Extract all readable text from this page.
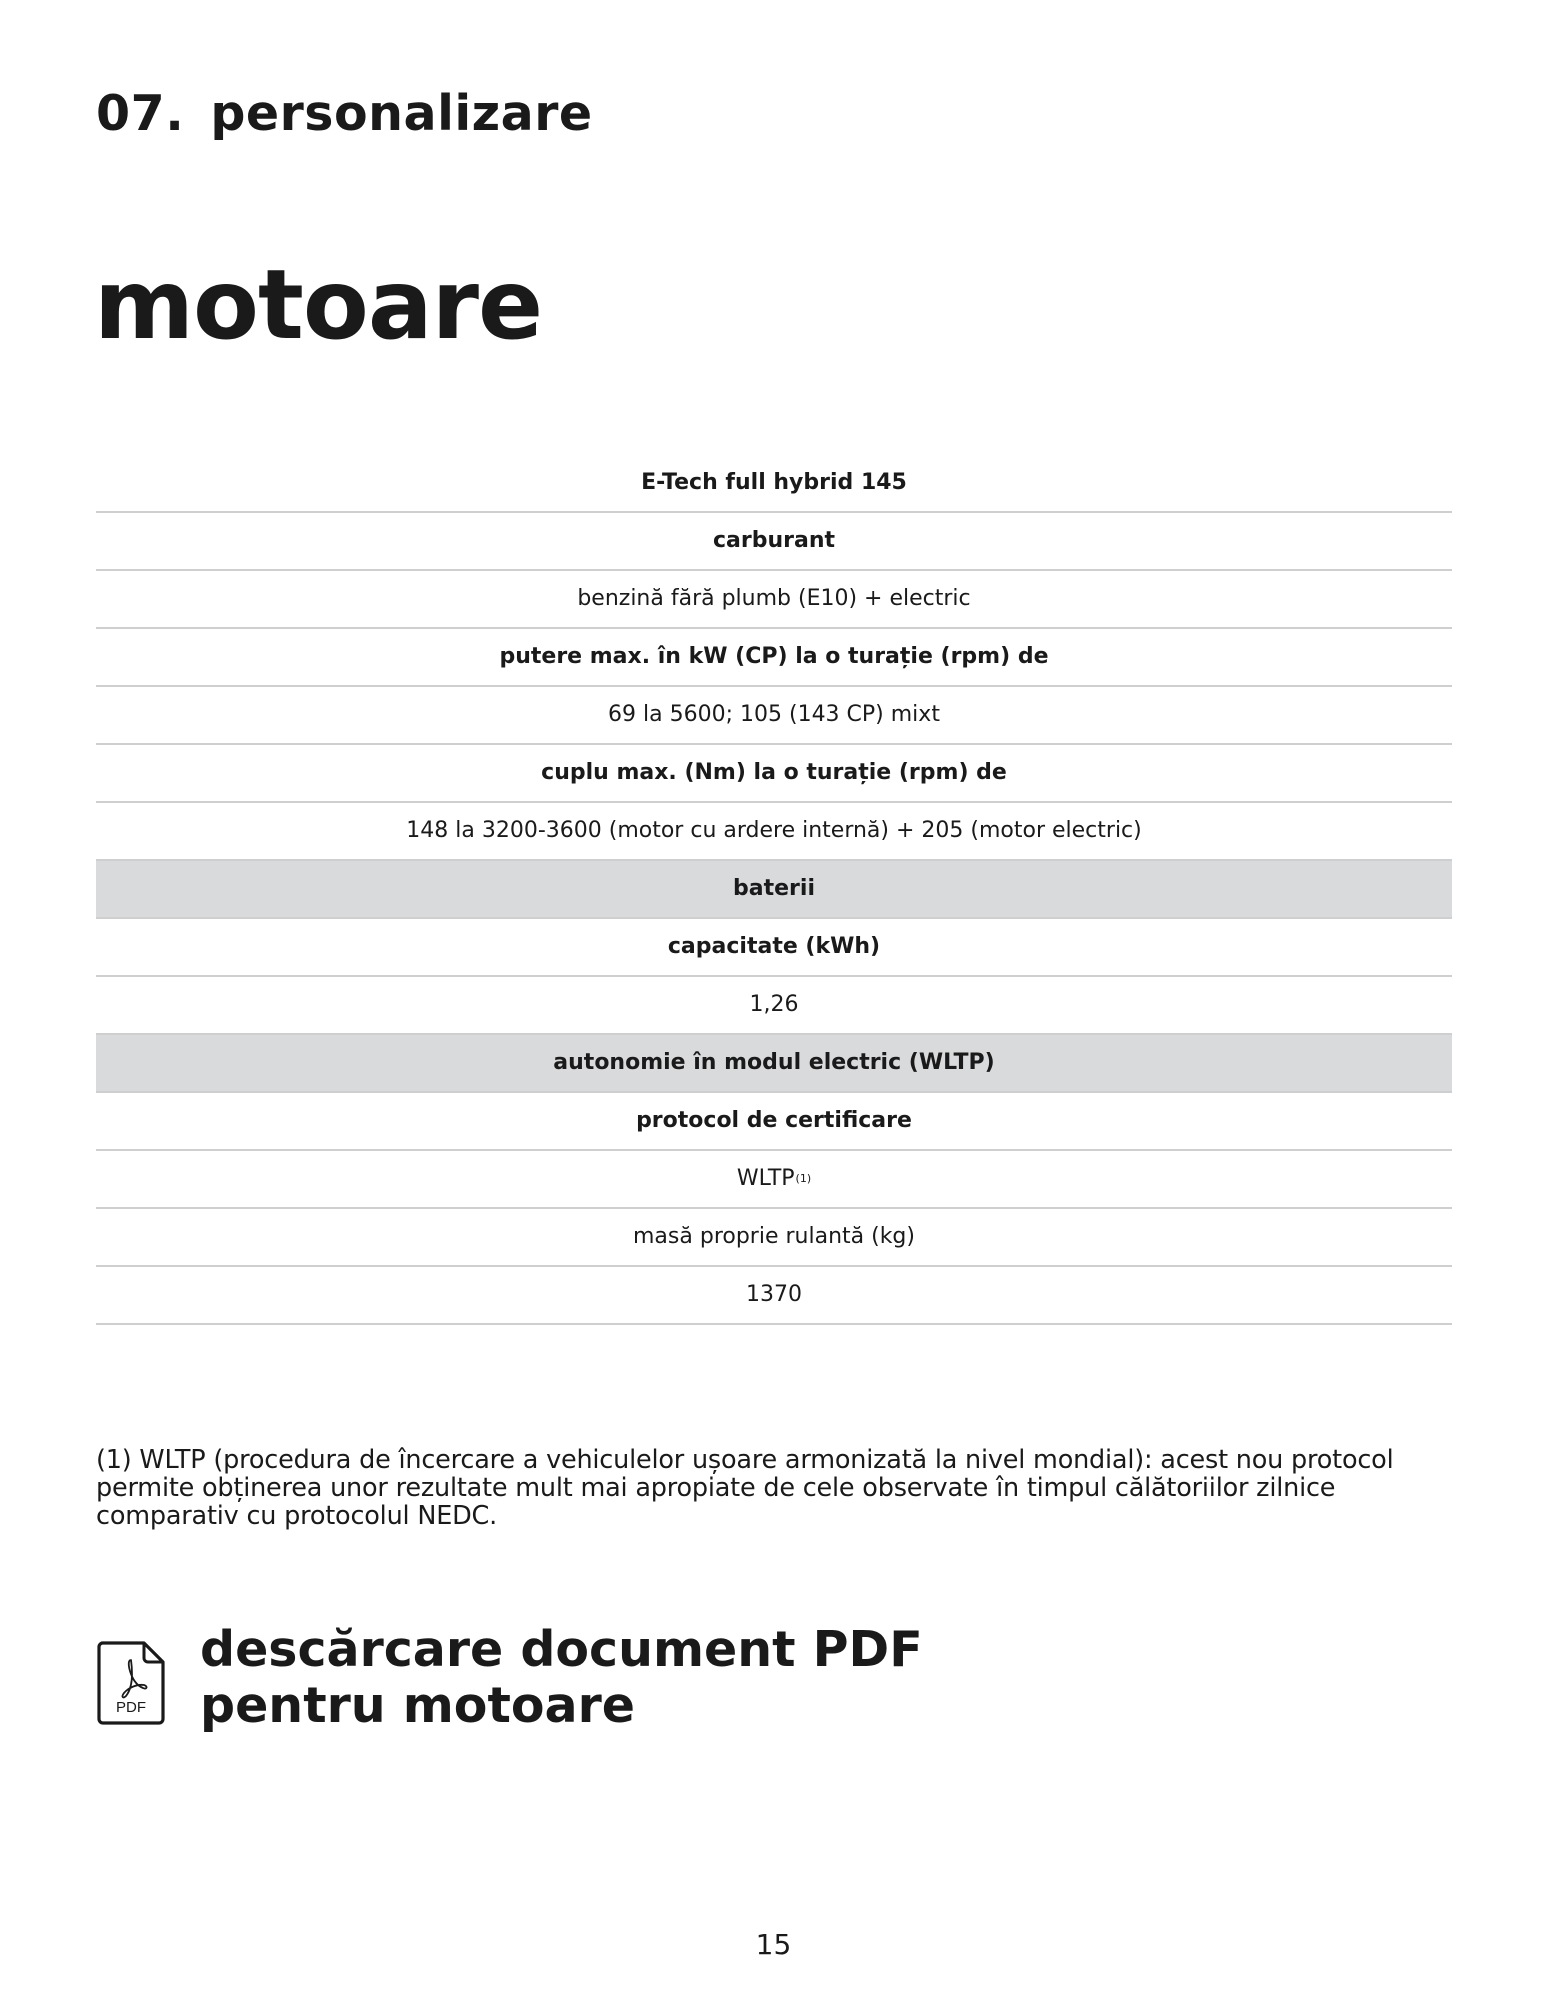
07. personalizare
motoare
E-Tech full hybrid 145
carburant
benzină fără plumb (E10) + electric
putere max. în kW (CP) la o turație (rpm) de
69 la 5600; 105 (143 CP) mixt
cuplu max. (Nm) la o turație (rpm) de
148 la 3200-3600 (motor cu ardere internă) + 205 (motor electric)
baterii
capacitate (kWh)
1,26
autonomie în modul electric (WLTP)
protocol de certificare
WLTP (1)
masă proprie rulantă (kg)
1370

(1) WLTP (procedura de încercare a vehiculelor ușoare armonizată la nivel mondial): acest nou protocol

permite obținerea unor rezultate mult mai apropiate de cele observate în timpul călătoriilor zilnice

comparativ cu protocolul NEDC.

PDF
descărcare document PDF
pentru motoare
15
